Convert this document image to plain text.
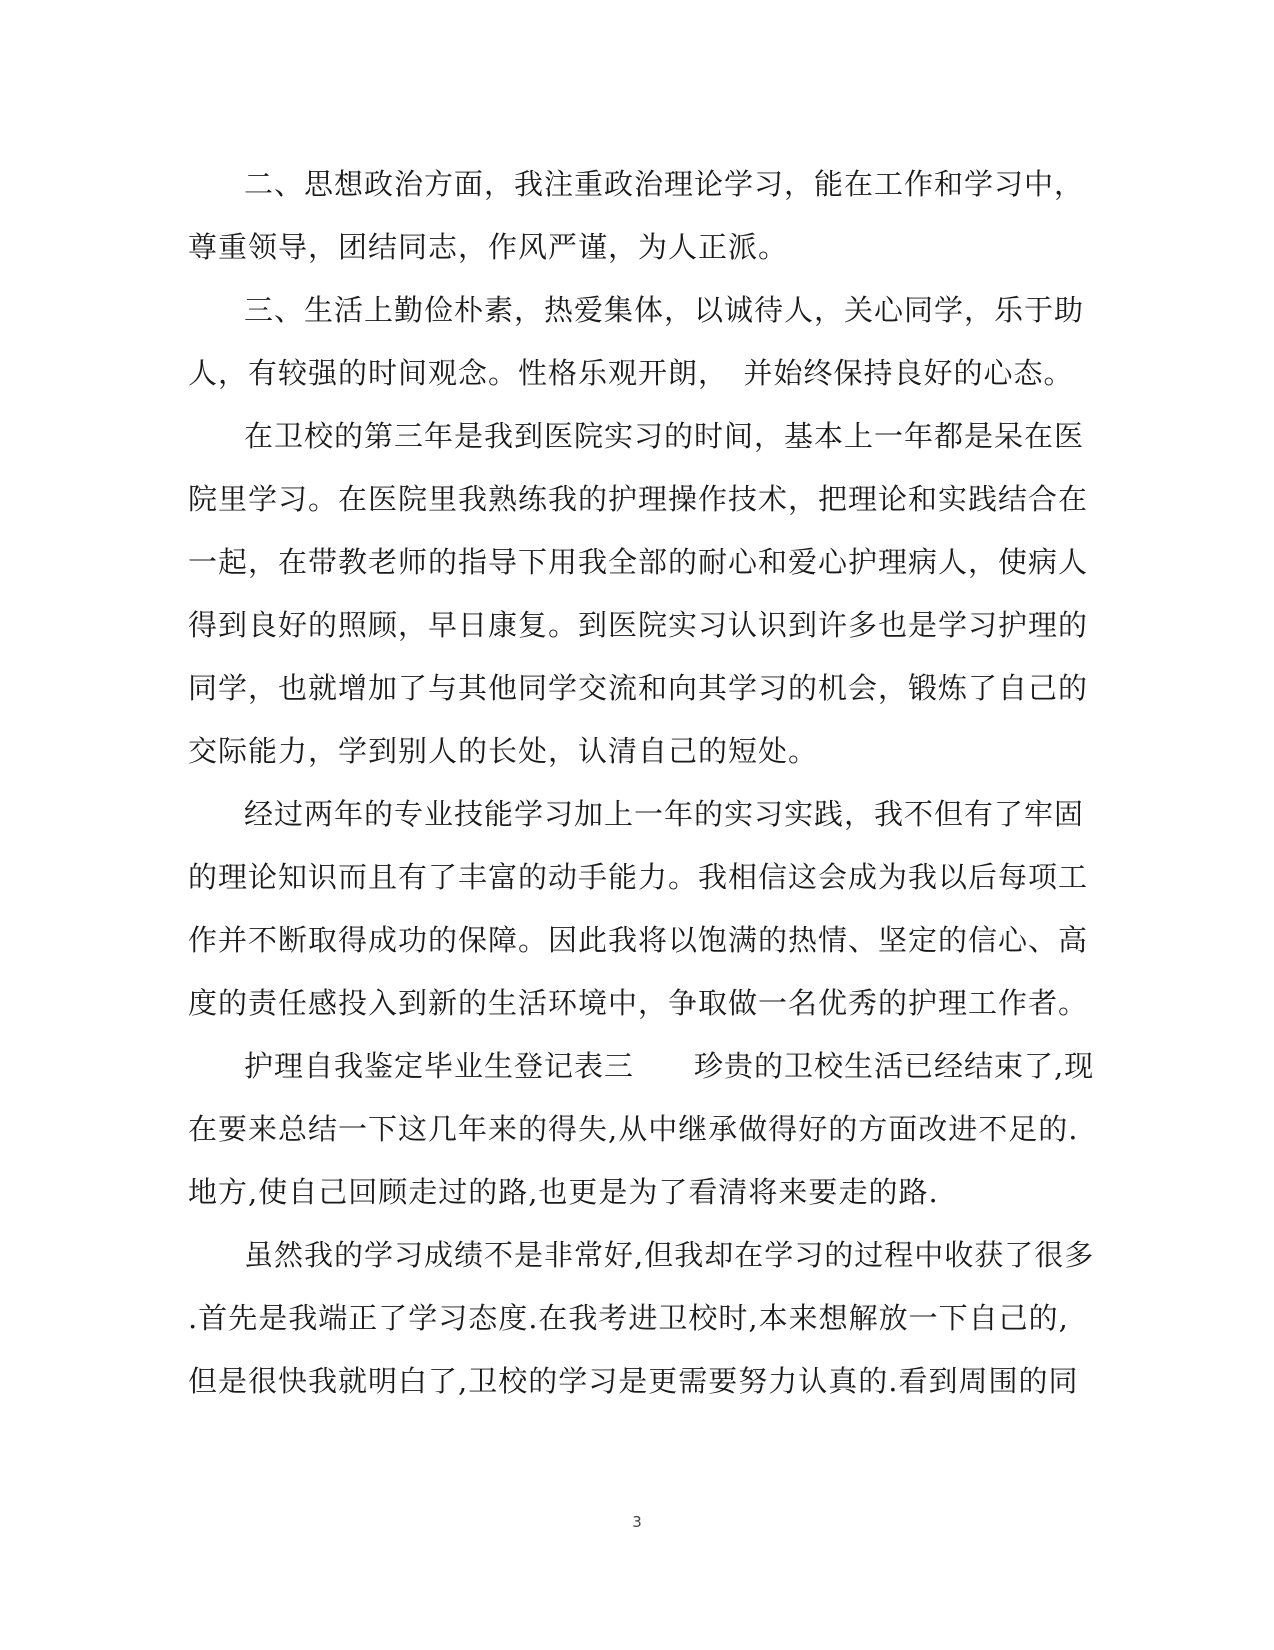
二、思想政治方面，我注重政治理论学习，能在工作和学习中，
尊重领导，团结同志，作风严谨，为人正派。
三、生活上勤俭朴素，热爱集体，以诚待人，关心同学，乐于助
人，有较强的时间观念。性格乐观开朗，　并始终保持良好的心态。
在卫校的第三年是我到医院实习的时间，基本上一年都是呆在医
院里学习。在医院里我熟练我的护理操作技术，把理论和实践结合在
一起，在带教老师的指导下用我全部的耐心和爱心护理病人，使病人
得到良好的照顾，早日康复。到医院实习认识到许多也是学习护理的
同学，也就增加了与其他同学交流和向其学习的机会，锻炼了自己的
交际能力，学到别人的长处，认清自己的短处。
经过两年的专业技能学习加上一年的实习实践，我不但有了牢固
的理论知识而且有了丰富的动手能力。我相信这会成为我以后每项工
作并不断取得成功的保障。因此我将以饱满的热情、坚定的信心、高
度的责任感投入到新的生活环境中，争取做一名优秀的护理工作者。
护理自我鉴定毕业生登记表三　　珍贵的卫校生活已经结束了,现
在要来总结一下这几年来的得失,从中继承做得好的方面改进不足的.
地方,使自己回顾走过的路,也更是为了看清将来要走的路.
虽然我的学习成绩不是非常好,但我却在学习的过程中收获了很多
.首先是我端正了学习态度.在我考进卫校时,本来想解放一下自己的,
但是很快我就明白了,卫校的学习是更需要努力认真的.看到周围的同
3
